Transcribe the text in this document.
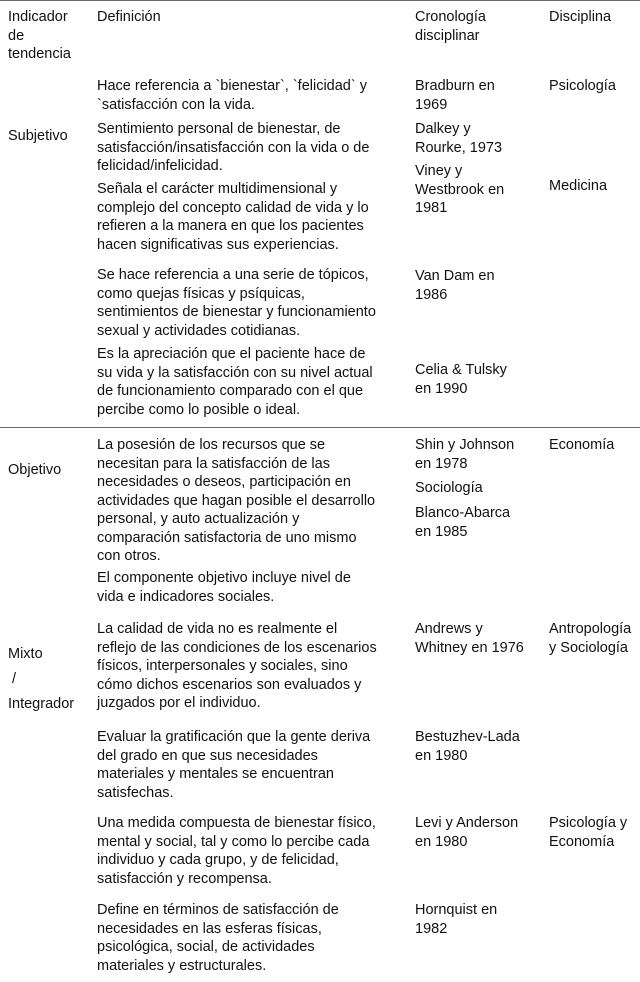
Indicador
de
tendencia
Definición	Cronología
disciplinar
Disciplina
Subjetivo
Objetivo
Mixto
/
Integrador
Hace referencia a `bienestar`, `felicidad` y
`satisfacción con la vida.
Sentimiento personal de bienestar, de
satisfacción/insatisfacción con la vida o de
felicidad/infelicidad.
Señala el carácter multidimensional y
complejo del concepto calidad de vida y lo
refieren a la manera en que los pacientes
hacen significativas sus experiencias.
Se hace referencia a una serie de tópicos,
como quejas físicas y psíquicas,
sentimientos de bienestar y funcionamiento
sexual y actividades cotidianas.
Es la apreciación que el paciente hace de
su vida y la satisfacción con su nivel actual
de funcionamiento comparado con el que
percibe como lo posible o ideal.
La posesión de los recursos que se
necesitan para la satisfacción de las
necesidades o deseos, participación en
actividades que hagan posible el desarrollo
personal, y auto actualización y
comparación satisfactoria de uno mismo
con otros.
El componente objetivo incluye nivel de
vida e indicadores sociales.
La calidad de vida no es realmente el
reflejo de las condiciones de los escenarios
físicos, interpersonales y sociales, sino
cómo dichos escenarios son evaluados y
juzgados por el individuo.
Evaluar la gratificación que la gente deriva
del grado en que sus necesidades
materiales y mentales se encuentran
satisfechas.
Una medida compuesta de bienestar físico,
mental y social, tal y como lo percibe cada
individuo y cada grupo, y de felicidad,
satisfacción y recompensa.
Define en términos de satisfacción de
necesidades en las esferas físicas,
psicológica, social, de actividades
materiales y estructurales.
Bradburn en
1969
Dalkey y
Rourke, 1973
Viney y
Westbrook en
1981
Van Dam en
1986
Celia & Tulsky
en 1990
Shin y Johnson
en 1978
Sociología
Blanco-Abarca
en 1985
Andrews y
Whitney en 1976
Bestuzhev-Lada
en 1980
Levi y Anderson
en 1980
Hornquist en
1982
Psicología
Medicina
Economía
Antropología
y Sociología
Psicología y
Economía
